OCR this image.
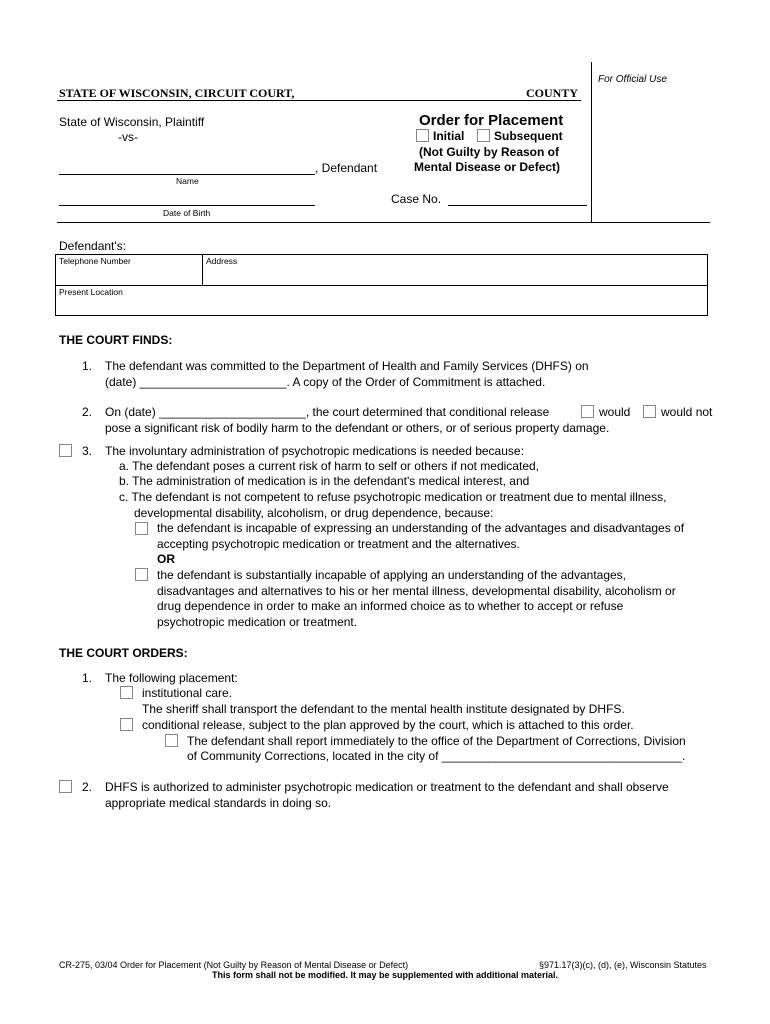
For Official Use
STATE OF WISCONSIN, CIRCUIT COURT,	COUNTY
State of Wisconsin, Plaintiff
-vs-
, Defendant
Name
Date of Birth
Order for Placement
Initial Subsequent
(Not Guilty by Reason of
Mental Disease or Defect)
Case No.
Defendant's:
Telephone Number	Address
Present Location
THE COURT FINDS:
1. The defendant was committed to the Department of Health and Family Services (DHFS) on
(date) ______________________. A copy of the Order of Commitment is attached.
2. On (date) ______________________, the court determined that conditional release	would	would not
pose a significant risk of bodily harm to the defendant or others, or of serious property damage.
3. The involuntary administration of psychotropic medications is needed because:
a. The defendant poses a current risk of harm to self or others if not medicated,
b. The administration of medication is in the defendant's medical interest, and
c. The defendant is not competent to refuse psychotropic medication or treatment due to mental illness,
developmental disability, alcoholism, or drug dependence, because:
the defendant is incapable of expressing an understanding of the advantages and disadvantages of
accepting psychotropic medication or treatment and the alternatives.
OR
the defendant is substantially incapable of applying an understanding of the advantages,
disadvantages and alternatives to his or her mental illness, developmental disability, alcoholism or
drug dependence in order to make an informed choice as to whether to accept or refuse
psychotropic medication or treatment.
THE COURT ORDERS:
1. The following placement:
institutional care.
The sheriff shall transport the defendant to the mental health institute designated by DHFS.
conditional release, subject to the plan approved by the court, which is attached to this order.
The defendant shall report immediately to the office of the Department of Corrections, Division
of Community Corrections, located in the city of ____________________________________.
2. DHFS is authorized to administer psychotropic medication or treatment to the defendant and shall observe
appropriate medical standards in doing so.
CR-275, 03/04 Order for Placement (Not Guilty by Reason of Mental Disease or Defect)	§971.17(3)(c), (d), (e), Wisconsin Statutes
This form shall not be modified. It may be supplemented with additional material.
